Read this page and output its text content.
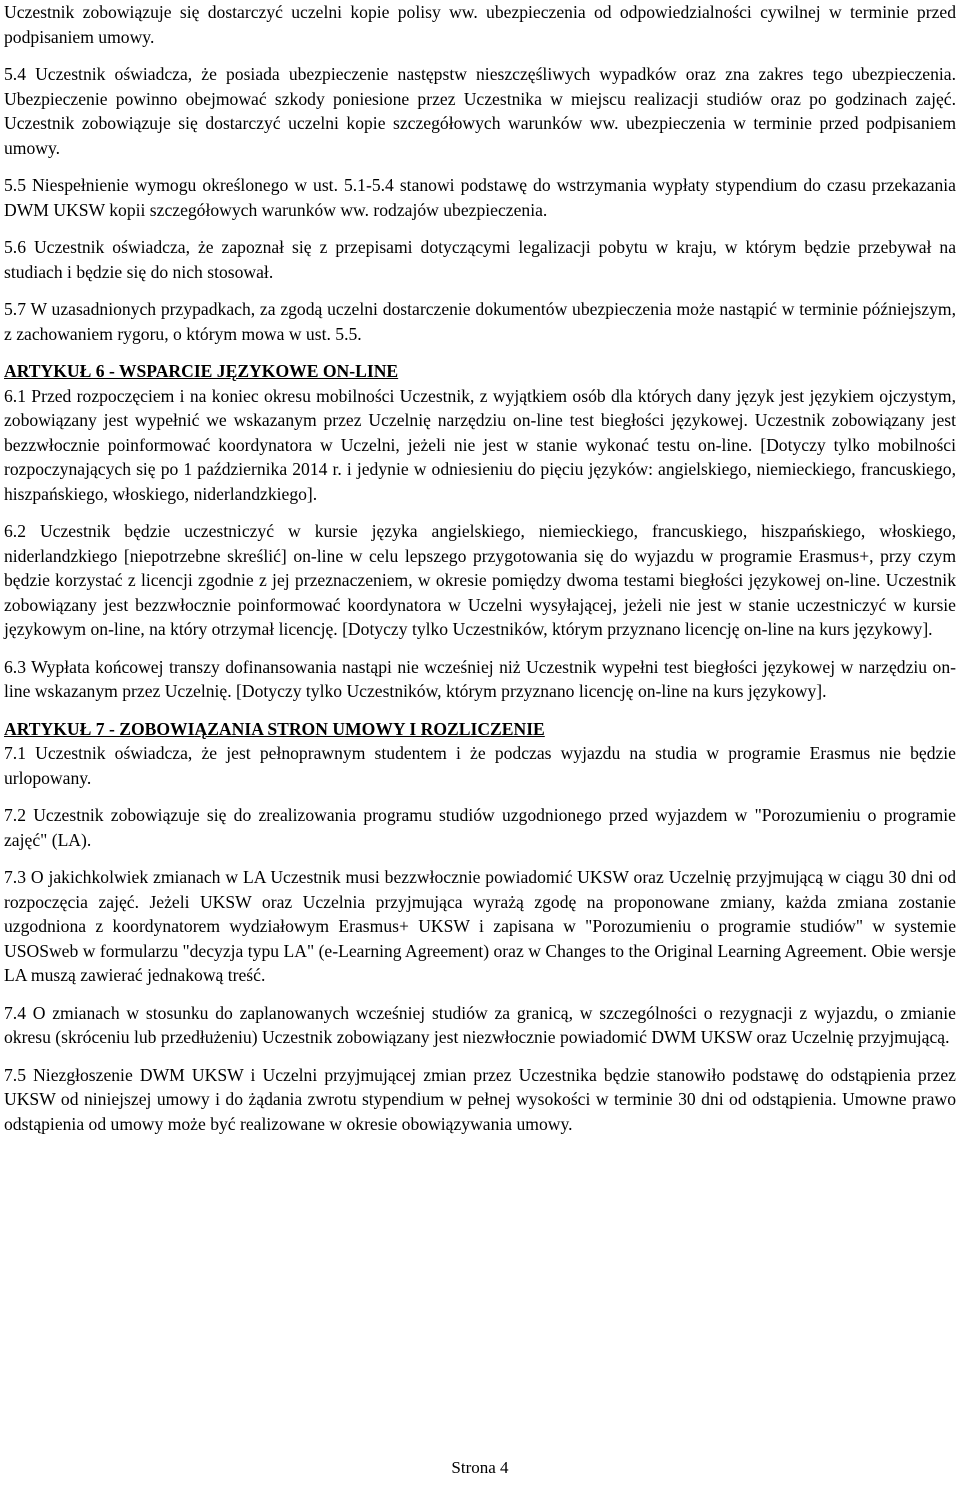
Uczestnik zobowiązuje się dostarczyć uczelni kopie polisy ww. ubezpieczenia od odpowiedzialności cywilnej w terminie przed podpisaniem umowy.

5.4 Uczestnik oświadcza, że posiada ubezpieczenie następstw nieszczęśliwych wypadków oraz zna zakres tego ubezpieczenia. Ubezpieczenie powinno obejmować szkody poniesione przez Uczestnika w miejscu realizacji studiów oraz po godzinach zajęć. Uczestnik zobowiązuje się dostarczyć uczelni kopie szczegółowych warunków ww. ubezpieczenia w terminie przed podpisaniem umowy.

5.5 Niespełnienie wymogu określonego w ust. 5.1-5.4 stanowi podstawę do wstrzymania wypłaty stypendium do czasu przekazania DWM UKSW kopii szczegółowych warunków ww. rodzajów ubezpieczenia.

5.6 Uczestnik oświadcza, że zapoznał się z przepisami dotyczącymi legalizacji pobytu w kraju, w którym będzie przebywał na studiach i będzie się do nich stosował.

5.7 W uzasadnionych przypadkach, za zgodą uczelni dostarczenie dokumentów ubezpieczenia może nastąpić w terminie późniejszym, z zachowaniem rygoru, o którym mowa w ust. 5.5.

ARTYKUŁ 6 - WSPARCIE JĘZYKOWE ON-LINE

6.1 Przed rozpoczęciem i na koniec okresu mobilności Uczestnik, z wyjątkiem osób dla których dany język jest językiem ojczystym, zobowiązany jest wypełnić we wskazanym przez Uczelnię narzędziu on-line test biegłości językowej. Uczestnik zobowiązany jest bezzwłocznie poinformować koordynatora w Uczelni, jeżeli nie jest w stanie wykonać testu on-line. [Dotyczy tylko mobilności rozpoczynających się po 1 października 2014 r. i jedynie w odniesieniu do pięciu języków: angielskiego, niemieckiego, francuskiego, hiszpańskiego, włoskiego, niderlandzkiego].

6.2 Uczestnik będzie uczestniczyć w kursie języka angielskiego, niemieckiego, francuskiego, hiszpańskiego, włoskiego, niderlandzkiego [niepotrzebne skreślić] on-line w celu lepszego przygotowania się do wyjazdu w programie Erasmus+, przy czym będzie korzystać z licencji zgodnie z jej przeznaczeniem, w okresie pomiędzy dwoma testami biegłości językowej on-line. Uczestnik zobowiązany jest bezzwłocznie poinformować koordynatora w Uczelni wysyłającej, jeżeli nie jest w stanie uczestniczyć w kursie językowym on-line, na który otrzymał licencję. [Dotyczy tylko Uczestników, którym przyznano licencję on-line na kurs językowy].

6.3 Wypłata końcowej transzy dofinansowania nastąpi nie wcześniej niż Uczestnik wypełni test biegłości językowej w narzędziu on-line wskazanym przez Uczelnię. [Dotyczy tylko Uczestników, którym przyznano licencję on-line na kurs językowy].

ARTYKUŁ 7 - ZOBOWIĄZANIA STRON UMOWY I ROZLICZENIE

7.1 Uczestnik oświadcza, że jest pełnoprawnym studentem i że podczas wyjazdu na studia w programie Erasmus nie będzie urlopowany.

7.2 Uczestnik zobowiązuje się do zrealizowania programu studiów uzgodnionego przed wyjazdem w "Porozumieniu o programie zajęć" (LA).

7.3 O jakichkolwiek zmianach w LA Uczestnik musi bezzwłocznie powiadomić UKSW oraz Uczelnię przyjmującą w ciągu 30 dni od rozpoczęcia zajęć. Jeżeli UKSW oraz Uczelnia przyjmująca wyrażą zgodę na proponowane zmiany, każda zmiana zostanie uzgodniona z koordynatorem wydziałowym Erasmus+ UKSW i zapisana w "Porozumieniu o programie studiów" w systemie USOSweb w formularzu "decyzja typu LA" (e-Learning Agreement) oraz w Changes to the Original Learning Agreement. Obie wersje LA muszą zawierać jednakową treść.

7.4 O zmianach w stosunku do zaplanowanych wcześniej studiów za granicą, w szczególności o rezygnacji z wyjazdu, o zmianie okresu (skróceniu lub przedłużeniu) Uczestnik zobowiązany jest niezwłocznie powiadomić DWM UKSW oraz Uczelnię przyjmującą.

7.5 Niezgłoszenie DWM UKSW i Uczelni przyjmującej zmian przez Uczestnika będzie stanowiło podstawę do odstąpienia przez UKSW od niniejszej umowy i do żądania zwrotu stypendium w pełnej wysokości w terminie 30 dni od odstąpienia. Umowne prawo odstąpienia od umowy może być realizowane w okresie obowiązywania umowy.

Strona 4
